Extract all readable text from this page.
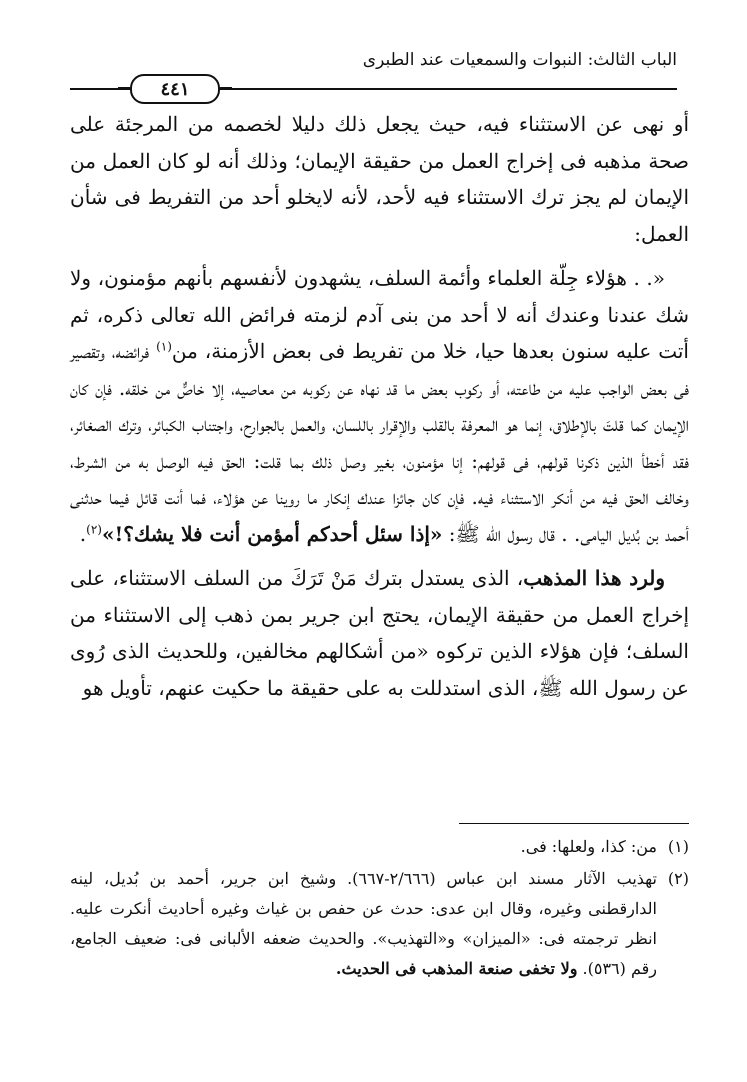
الباب الثالث: النبوات والسمعيات عند الطبرى
٤٤١

أو نهى عن الاستثناء فيه، حيث يجعل ذلك دليلا لخصمه من المرجئة على صحة مذهبه فى إخراج العمل من حقيقة الإيمان؛ وذلك أنه لو كان العمل من الإيمان لم يجز ترك الاستثناء فيه لأحد، لأنه لايخلو أحد من التفريط فى شأن العمل:

«. . هؤلاء جِلّة العلماء وأئمة السلف، يشهدون لأنفسهم بأنهم مؤمنون، ولا شك عندنا وعندك أنه لا أحد من بنى آدم لزمته فرائض الله تعالى ذكره، ثم أتت عليه سنون بعدها حيا، خلا من تفريط فى بعض الأزمنة، من$^{(١)}$ فرائضه، وتقصير فى بعض الواجب عليه من طاعته، أو ركوب بعض ما قد نهاه عن ركوبه من معاصيه، إلا خاصٌّ من خلقه. فإن كان الإيمان كما قلتَ بالإطلاق، إنما هو المعرفة بالقلب والإقرار باللسان، والعمل بالجوارح، واجتناب الكبائر، وترك الصغائر، فقد أخطأ الذين ذكرنا قولهم، فى قولهم: إنا مؤمنون، بغير وصل ذلك بما قلت: الحق فيه الوصل به من الشرط، وخالف الحق فيه من أنكر الاستثناء فيه. فإن كان جائزا عندك إنكار ما روينا عن هؤلاء، فما أنت قائل فيما حدثنى أحمد بن بُديل اليامى. . قال رسول الله ﷺ: «إذا سئل أحدكم أمؤمن أنت فلا يشك؟!»$^{(٢)}$.

ولرد هذا المذهب، الذى يستدل بترك مَنْ تَرَكَ من السلف الاستثناء، على إخراج العمل من حقيقة الإيمان، يحتج ابن جرير بمن ذهب إلى الاستثناء من السلف؛ فإن هؤلاء الذين تركوه «من أشكالهم مخالفين، وللحديث الذى رُوى عن رسول الله ﷺ، الذى استدللت به على حقيقة ما حكيت عنهم، تأويل هو

(١)
من: كذا، ولعلها: فى.
(٢)
تهذيب الآثار مسند ابن عباس (٢/٦٦٦-٦٦٧). وشيخ ابن جرير، أحمد بن بُديل، لينه الدارقطنى وغيره، وقال ابن عدى: حدث عن حفص بن غياث وغيره أحاديث أنكرت عليه. انظر ترجمته فى: «الميزان» و«التهذيب». والحديث ضعفه الألبانى فى: ضعيف الجامع، رقم (٥٣٦). ولا تخفى صنعة المذهب فى الحديث.
